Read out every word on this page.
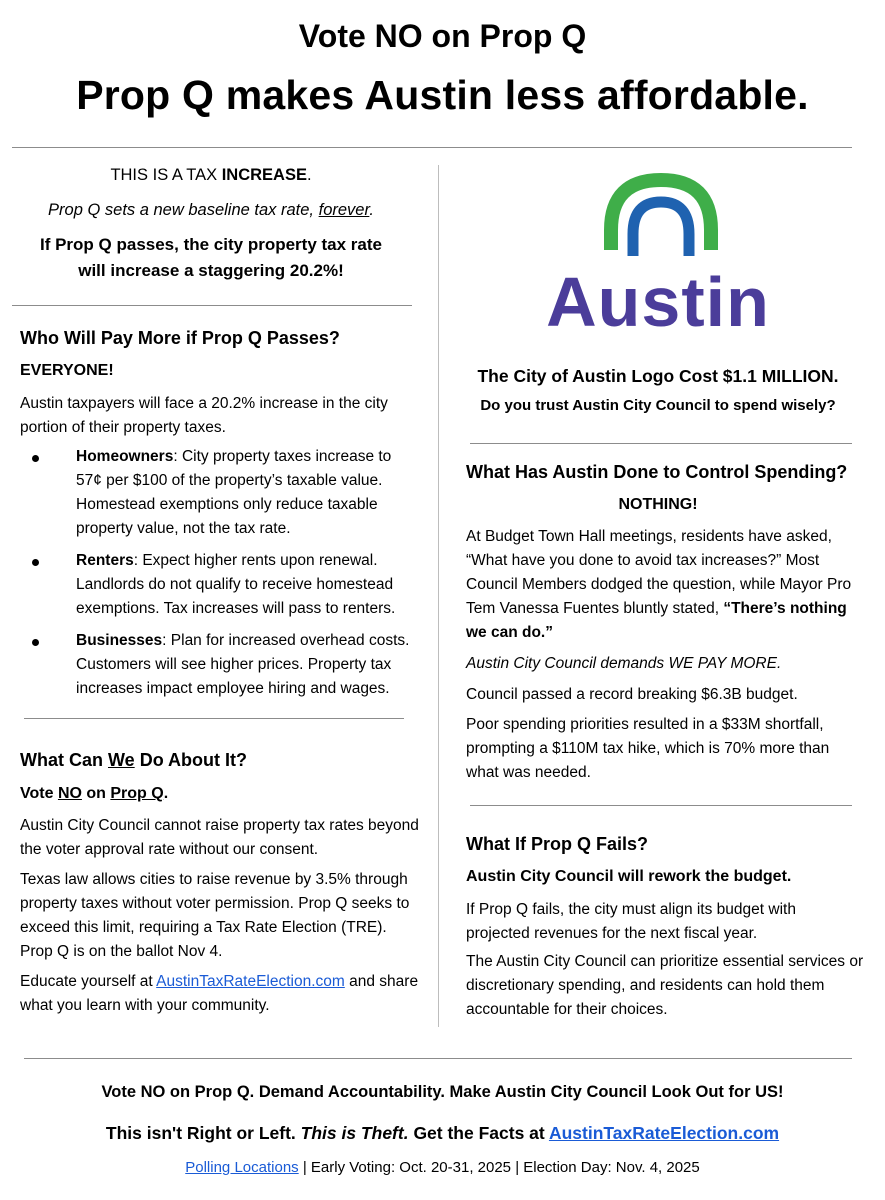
Vote NO on Prop Q
Prop Q makes Austin less affordable.
THIS IS A TAX INCREASE.
Prop Q sets a new baseline tax rate, forever.
If Prop Q passes, the city property tax rate
will increase a staggering 20.2%!
Who Will Pay More if Prop Q Passes?
EVERYONE!
Austin taxpayers will face a 20.2% increase in the city portion of their property taxes.
Homeowners: City property taxes increase to 57¢ per $100 of the property’s taxable value. Homestead exemptions only reduce taxable property value, not the tax rate.
Renters: Expect higher rents upon renewal. Landlords do not qualify to receive homestead exemptions. Tax increases will pass to renters.
Businesses: Plan for increased overhead costs. Customers will see higher prices. Property tax increases impact employee hiring and wages.
What Can We Do About It?
Vote NO on Prop Q.
Austin City Council cannot raise property tax rates beyond the voter approval rate without our consent.
Texas law allows cities to raise revenue by 3.5% through property taxes without voter permission. Prop Q seeks to exceed this limit, requiring a Tax Rate Election (TRE). Prop Q is on the ballot Nov 4.
Educate yourself at AustinTaxRateElection.com and share what you learn with your community.
Austin
The City of Austin Logo Cost $1.1 MILLION.
Do you trust Austin City Council to spend wisely?
What Has Austin Done to Control Spending?
NOTHING!
At Budget Town Hall meetings, residents have asked, “What have you done to avoid tax increases?” Most Council Members dodged the question, while Mayor Pro Tem Vanessa Fuentes bluntly stated, “There’s nothing we can do.”
Austin City Council demands WE PAY MORE.
Council passed a record breaking $6.3B budget.
Poor spending priorities resulted in a $33M shortfall, prompting a $110M tax hike, which is 70% more than what was needed.
What If Prop Q Fails?
Austin City Council will rework the budget.
If Prop Q fails, the city must align its budget with projected revenues for the next fiscal year.
The Austin City Council can prioritize essential services or discretionary spending, and residents can hold them accountable for their choices.
Vote NO on Prop Q. Demand Accountability. Make Austin City Council Look Out for US!
This isn't Right or Left. This is Theft. Get the Facts at AustinTaxRateElection.com
Polling Locations | Early Voting: Oct. 20-31, 2025 | Election Day: Nov. 4, 2025
